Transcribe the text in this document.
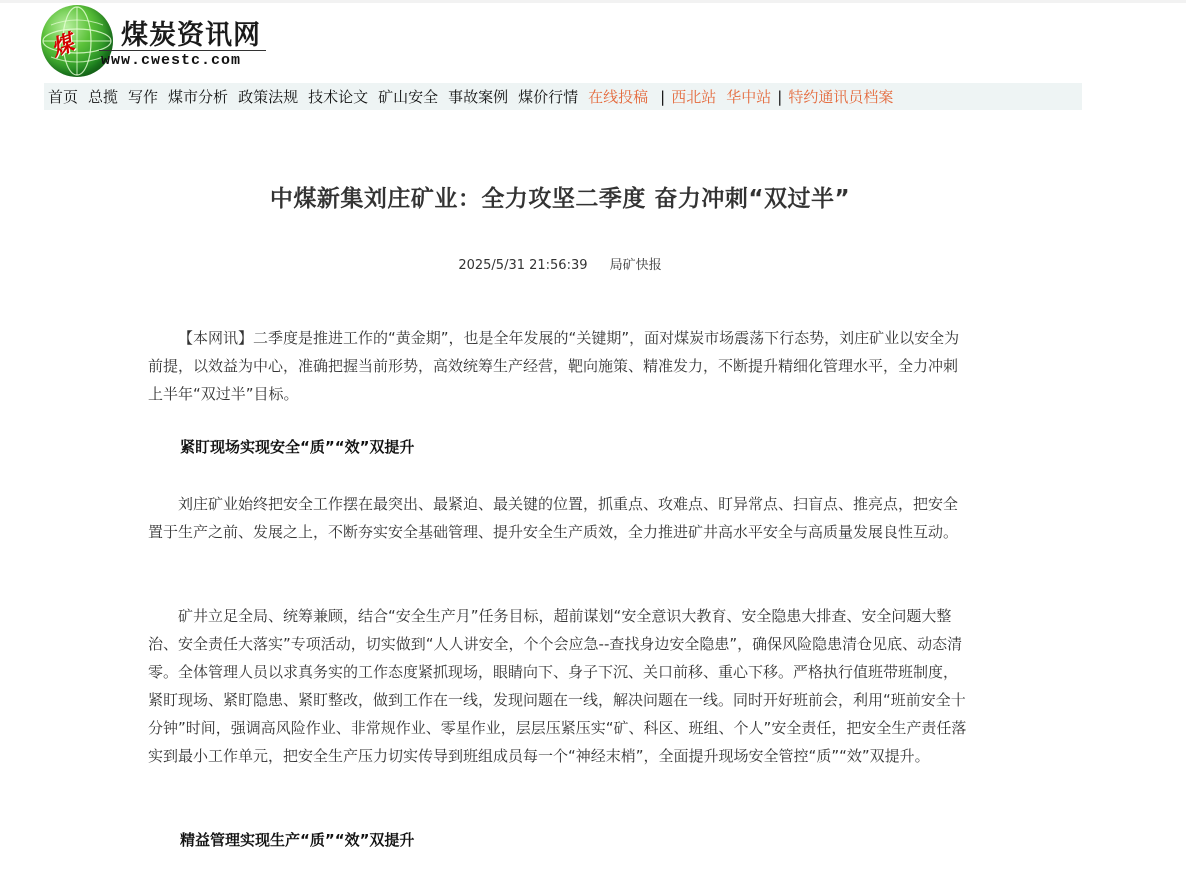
煤 煤炭资讯网
www.cwestc.com
首页 总揽 写作 煤市分析 政策法规 技术论文 矿山安全 事故案例 煤价行情 在线投稿 | 西北站 华中站 | 特约通讯员档案
中煤新集刘庄矿业：全力攻坚二季度 奋力冲刺“双过半”
2025/5/31 21:56:39 局矿快报

【本网讯】二季度是推进工作的“黄金期”，也是全年发展的“关键期”，面对煤炭市场震荡下行态势，刘庄矿业以安全为前提，以效益为中心，准确把握当前形势，高效统筹生产经营，靶向施策、精准发力，不断提升精细化管理水平，全力冲刺上半年“双过半”目标。

紧盯现场实现安全“质”“效”双提升

刘庄矿业始终把安全工作摆在最突出、最紧迫、最关键的位置，抓重点、攻难点、盯异常点、扫盲点、推亮点，把安全置于生产之前、发展之上，不断夯实安全基础管理、提升安全生产质效，全力推进矿井高水平安全与高质量发展良性互动。

矿井立足全局、统筹兼顾，结合“安全生产月”任务目标，超前谋划“安全意识大教育、安全隐患大排查、安全问题大整治、安全责任大落实”专项活动，切实做到“人人讲安全，个个会应急--查找身边安全隐患”，确保风险隐患清仓见底、动态清零。全体管理人员以求真务实的工作态度紧抓现场，眼睛向下、身子下沉、关口前移、重心下移。严格执行值班带班制度，紧盯现场、紧盯隐患、紧盯整改，做到工作在一线，发现问题在一线，解决问题在一线。同时开好班前会，利用“班前安全十分钟”时间，强调高风险作业、非常规作业、零星作业，层层压紧压实“矿、科区、班组、个人”安全责任，把安全生产责任落实到最小工作单元，把安全生产压力切实传导到班组成员每一个“神经末梢”，全面提升现场安全管控“质”“效”双提升。

精益管理实现生产“质”“效”双提升
